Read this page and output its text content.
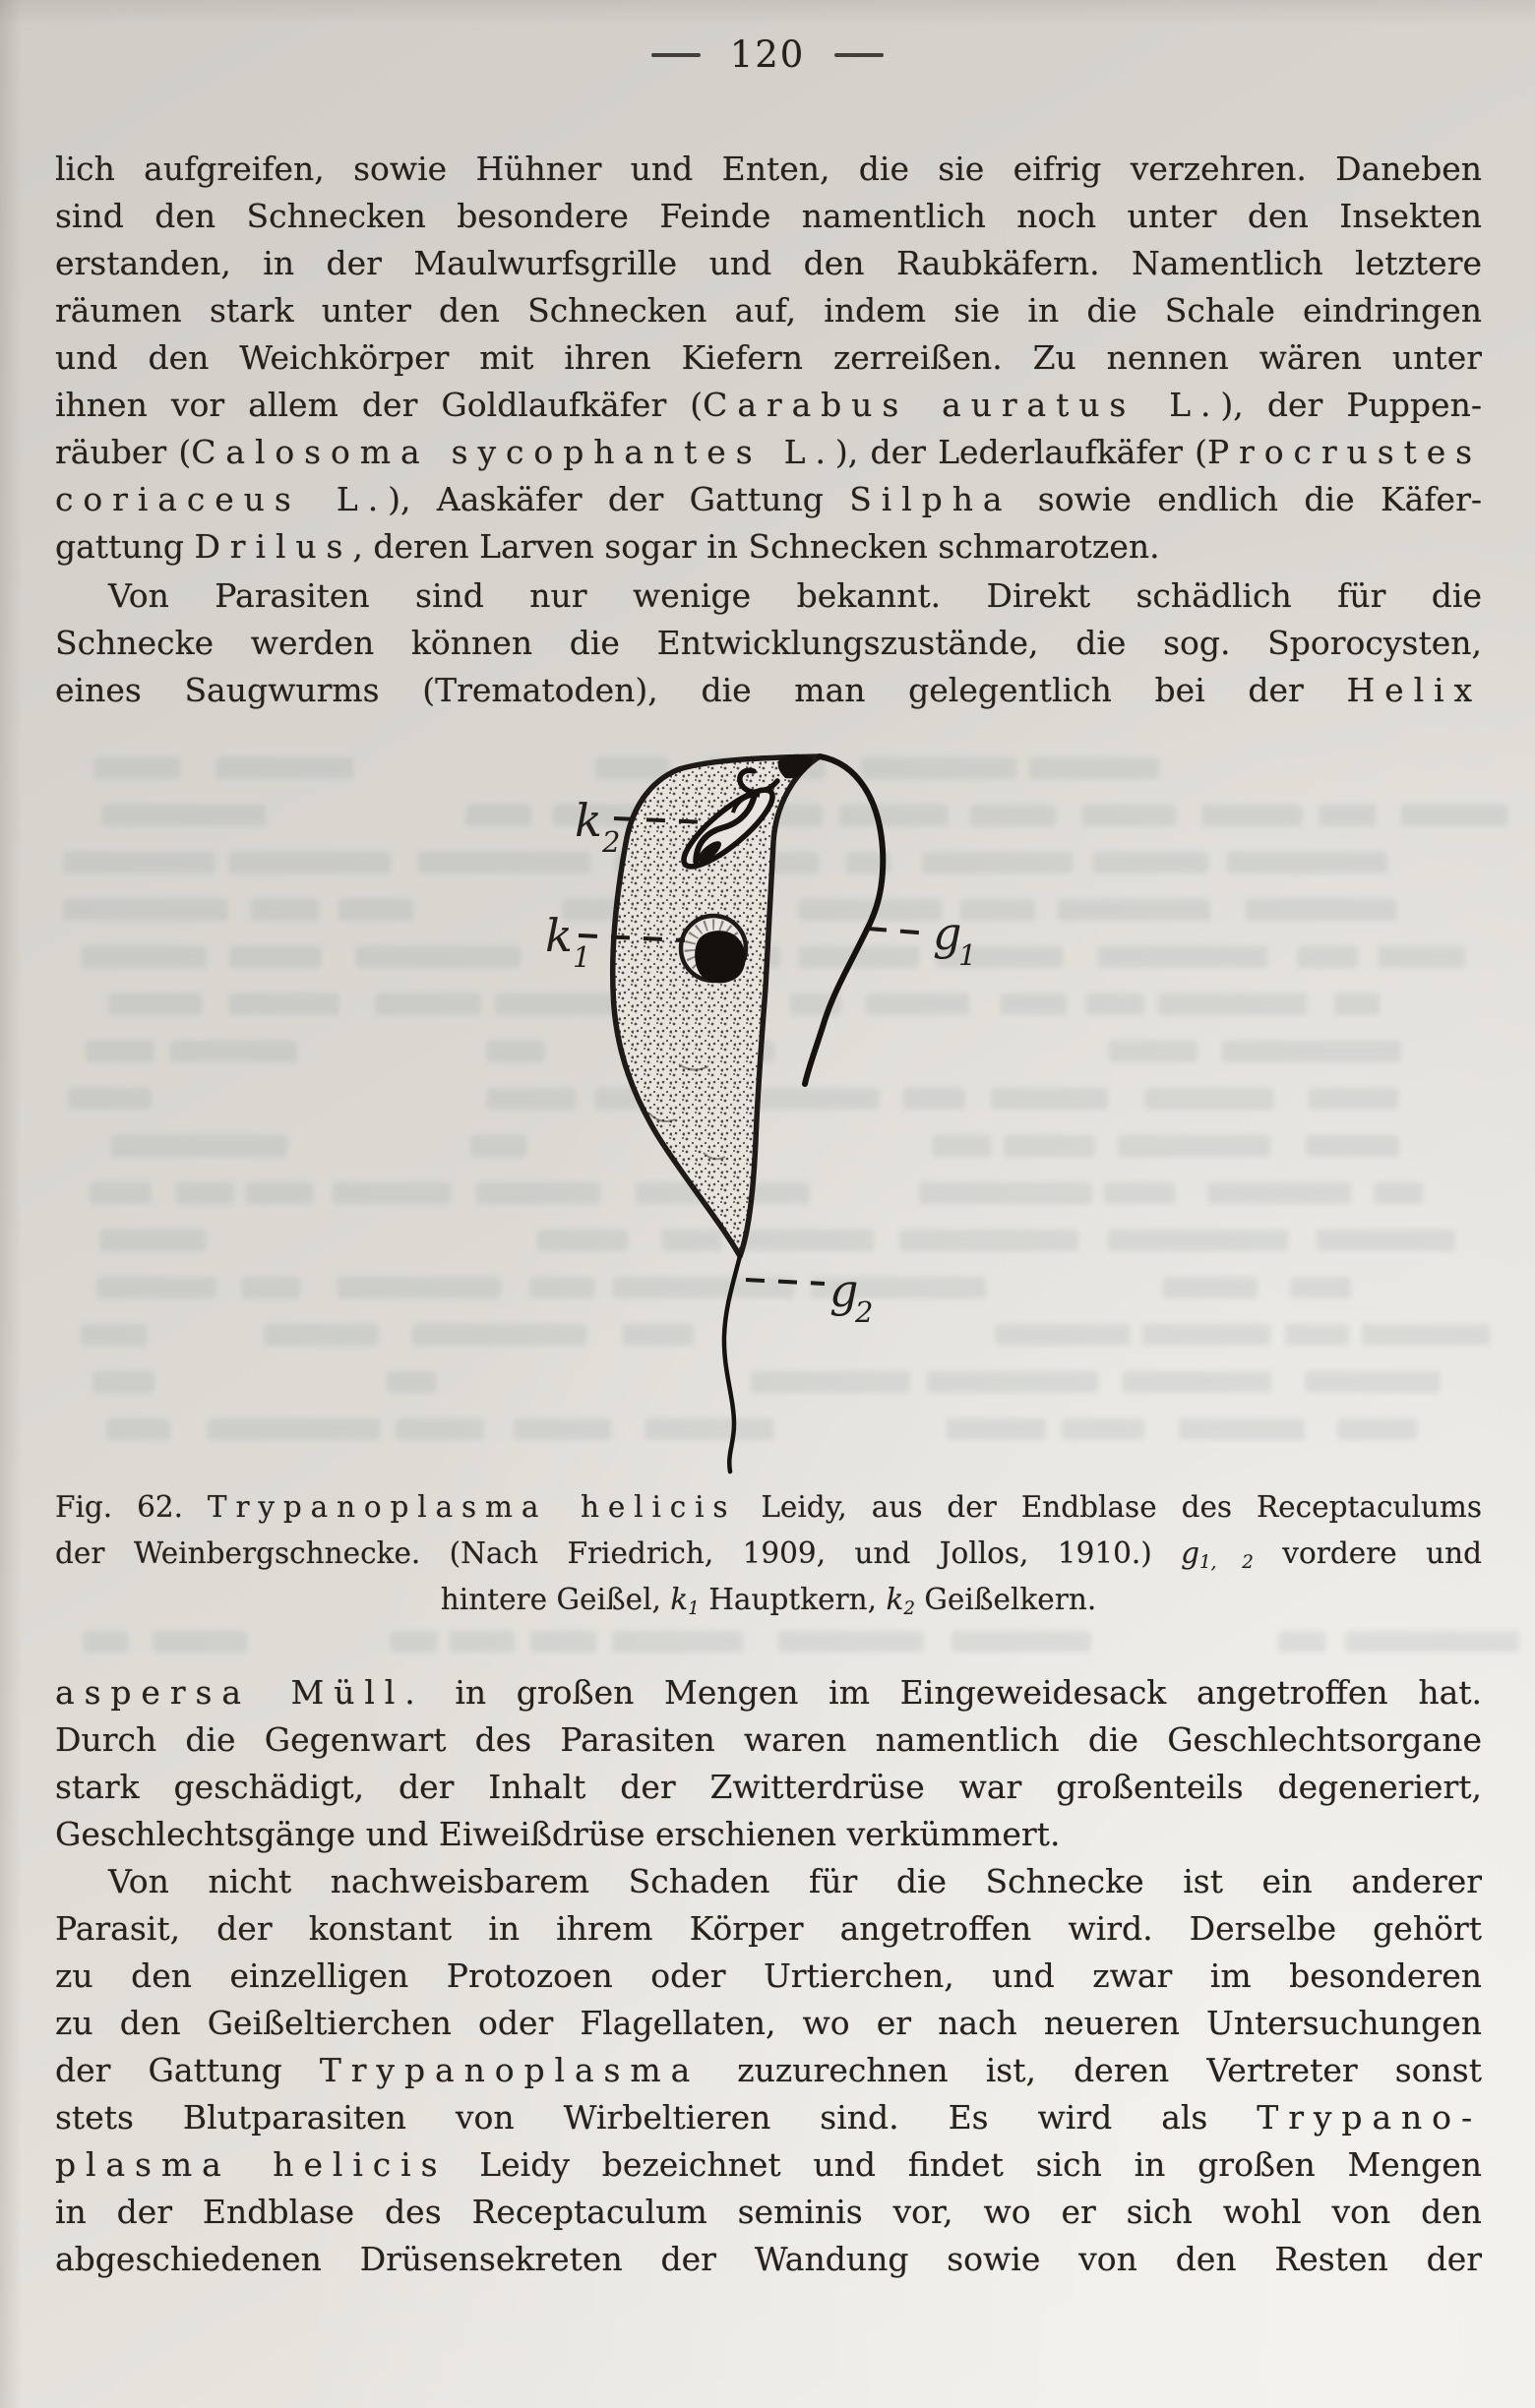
120
lich aufgreifen, sowie Hühner und Enten, die sie eifrig verzehren. Daneben
sind den Schnecken besondere Feinde namentlich noch unter den Insekten
erstanden, in der Maulwurfsgrille und den Raubkäfern. Namentlich letztere
räumen stark unter den Schnecken auf, indem sie in die Schale eindringen
und den Weichkörper mit ihren Kiefern zerreißen. Zu nennen wären unter
ihnen vor allem der Goldlaufkäfer (Carabus auratus L.), der Puppen-
räuber (Calosoma sycophantes L.), der Lederlaufkäfer (Procrustes
coriaceus L.), Aaskäfer der Gattung Silpha sowie endlich die Käfer-
gattung Drilus, deren Larven sogar in Schnecken schmarotzen.
Von Parasiten sind nur wenige bekannt. Direkt schädlich für die
Schnecke werden können die Entwicklungszustände, die sog. Sporocysten,
eines Saugwurms (Trematoden), die man gelegentlich bei der Helix
aspersa Müll. in großen Mengen im Eingeweidesack angetroffen hat.
Durch die Gegenwart des Parasiten waren namentlich die Geschlechtsorgane
stark geschädigt, der Inhalt der Zwitterdrüse war großenteils degeneriert,
Geschlechtsgänge und Eiweißdrüse erschienen verkümmert.
Von nicht nachweisbarem Schaden für die Schnecke ist ein anderer
Parasit, der konstant in ihrem Körper angetroffen wird. Derselbe gehört
zu den einzelligen Protozoen oder Urtierchen, und zwar im besonderen
zu den Geißeltierchen oder Flagellaten, wo er nach neueren Untersuchungen
der Gattung Trypanoplasma zuzurechnen ist, deren Vertreter sonst
stets Blutparasiten von Wirbeltieren sind. Es wird als Trypano-
plasma helicis Leidy bezeichnet und findet sich in großen Mengen
in der Endblase des Receptaculum seminis vor, wo er sich wohl von den
abgeschiedenen Drüsensekreten der Wandung sowie von den Resten der
Fig. 62. Trypanoplasma helicis Leidy, aus der Endblase des Receptaculums
der Weinbergschnecke. (Nach Friedrich, 1909, und Jollos, 1910.) g1, 2 vordere und
hintere Geißel, k1 Hauptkern, k2 Geißelkern.
k 2
k 1	g
1
g
2
